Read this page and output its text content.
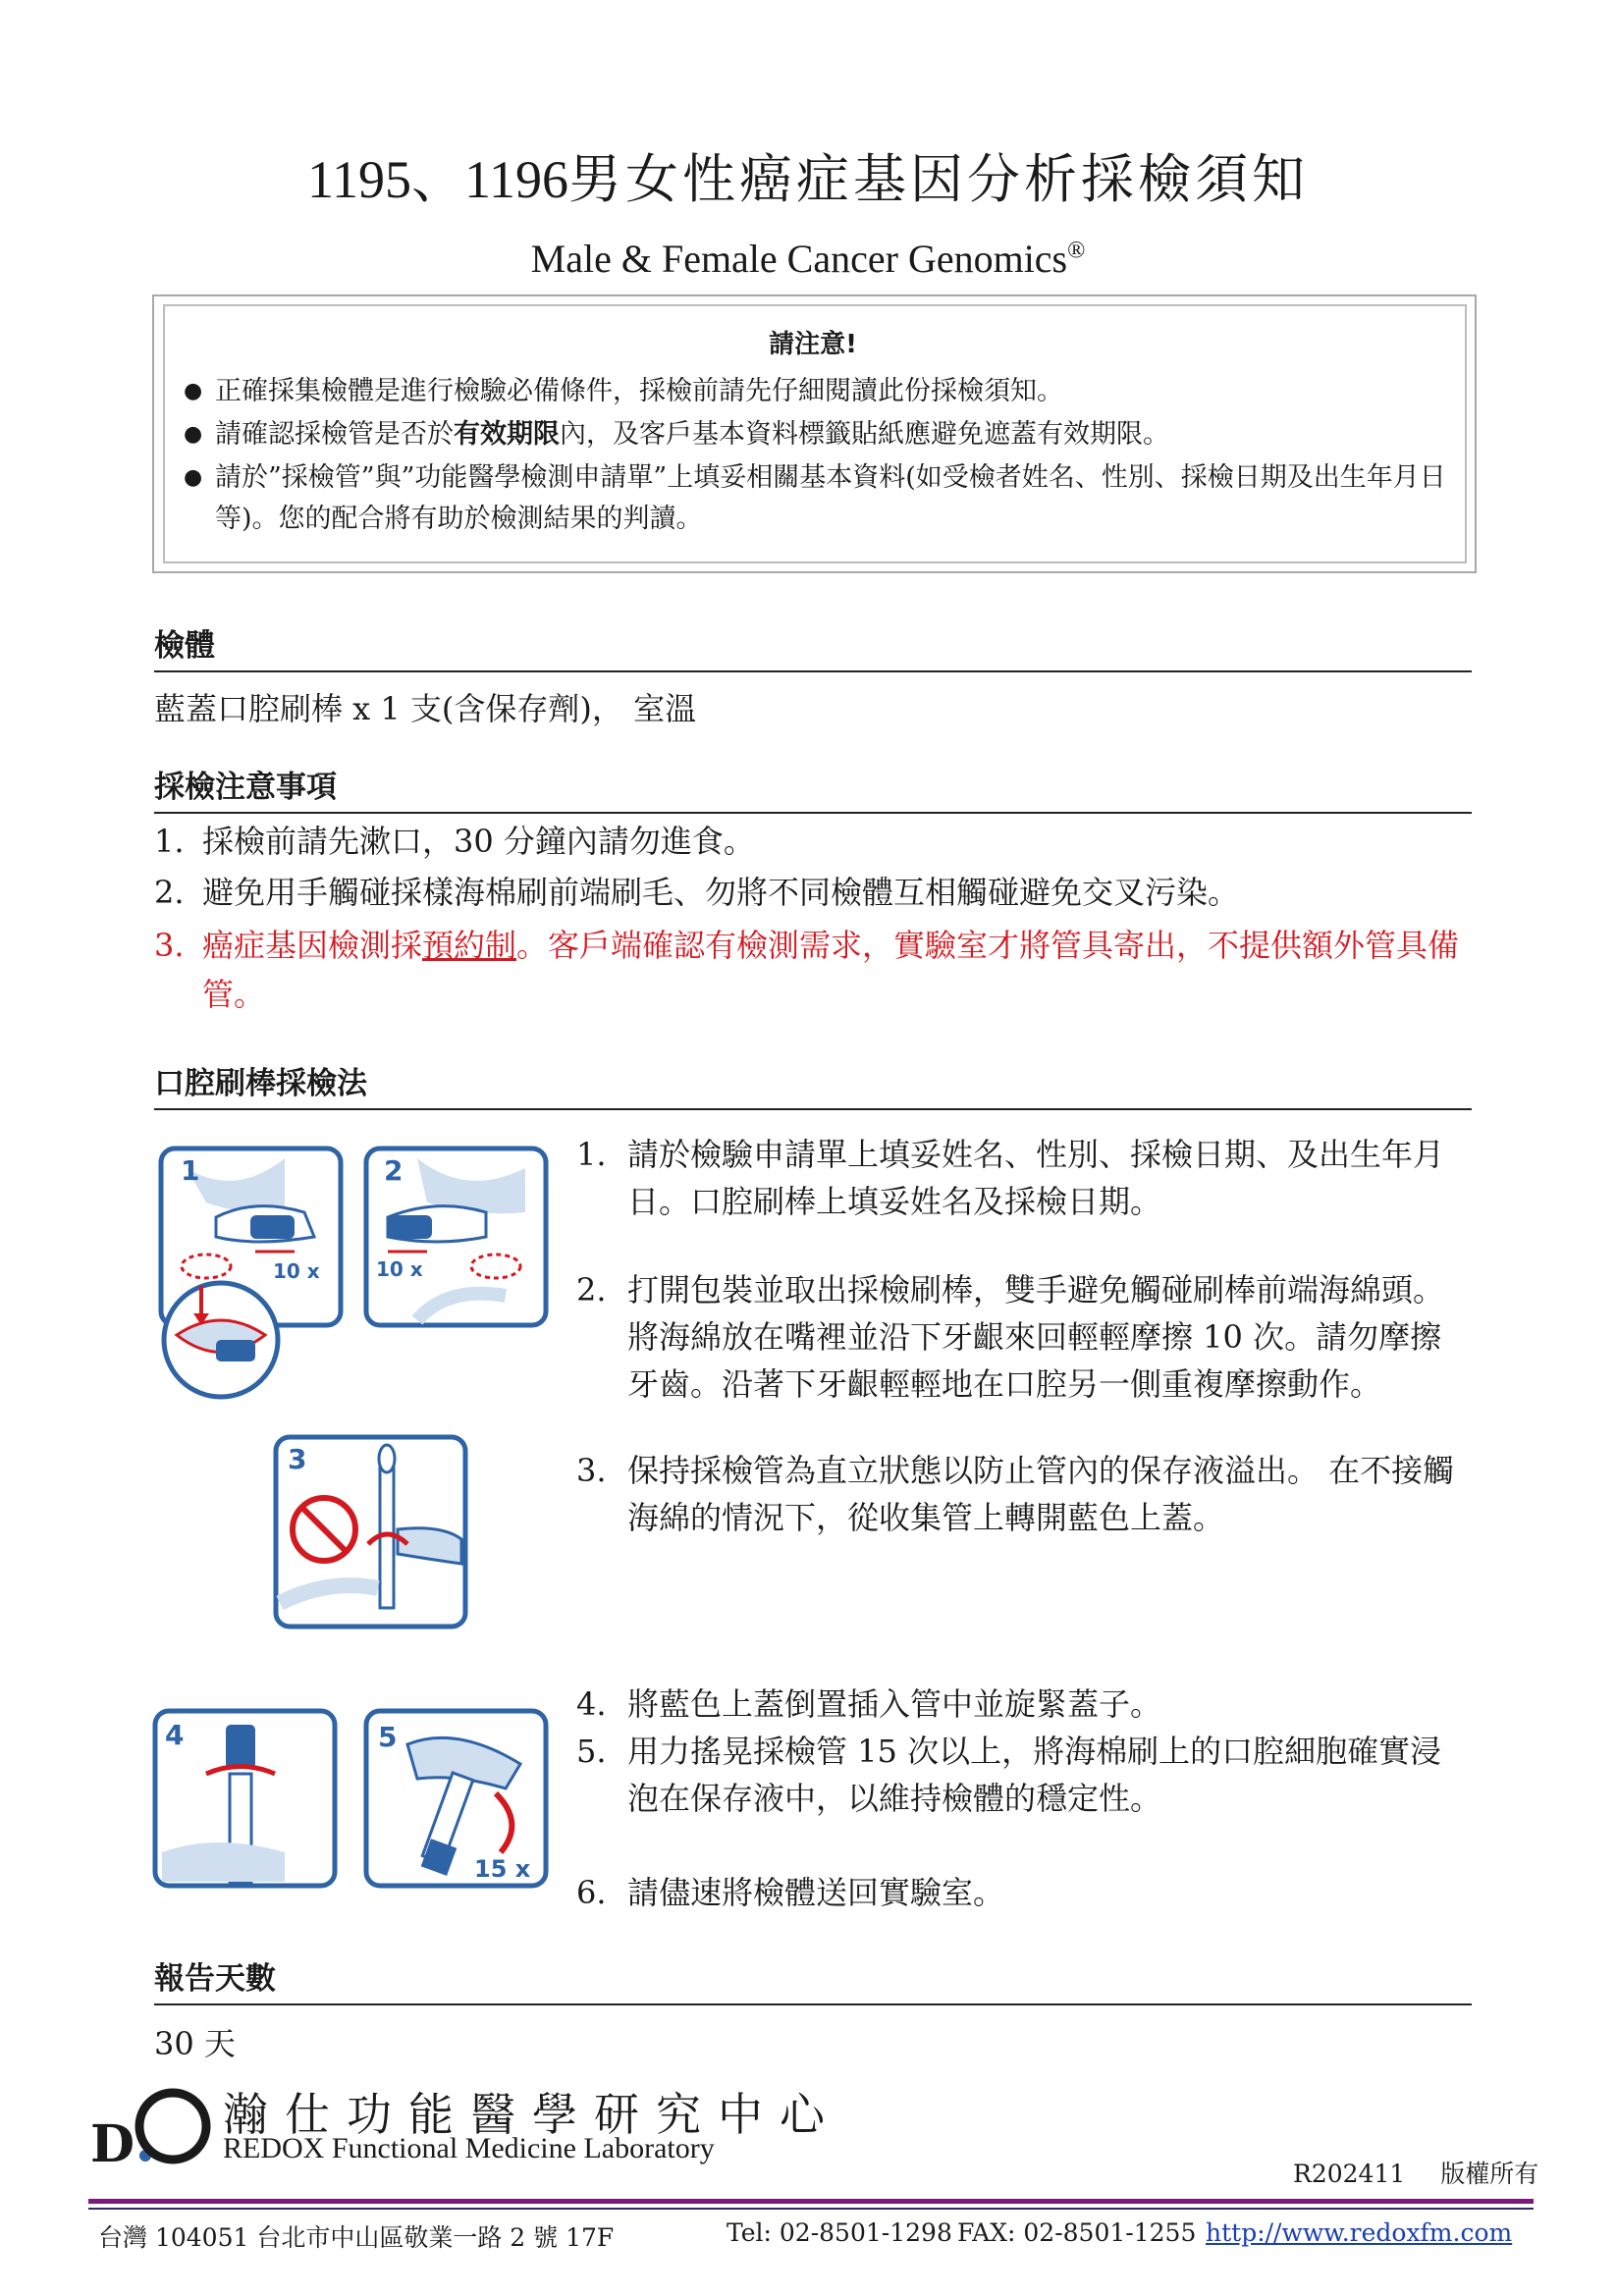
1195、1196男女性癌症基因分析採檢須知
Male & Female Cancer Genomics®
請注意!
● 正確採集檢體是進行檢驗必備條件，採檢前請先仔細閱讀此份採檢須知。
● 請確認採檢管是否於有效期限內，及客戶基本資料標籤貼紙應避免遮蓋有效期限。
● 請於”採檢管”與”功能醫學檢測申請單”上填妥相關基本資料(如受檢者姓名、性別、採檢日期及出生年月日等)。您的配合將有助於檢測結果的判讀。
檢體
藍蓋口腔刷棒 x 1 支(含保存劑)， 室溫
採檢注意事項
1. 採檢前請先漱口，30 分鐘內請勿進食。
2. 避免用手觸碰採樣海棉刷前端刷毛、勿將不同檢體互相觸碰避免交叉污染。
3. 癌症基因檢測採預約制。客戶端確認有檢測需求，實驗室才將管具寄出，不提供額外管具備管。
口腔刷棒採檢法
1
10 x
2
10 x
3
4	5
15 x
1. 請於檢驗申請單上填妥姓名、性別、採檢日期、及出生年月日。口腔刷棒上填妥姓名及採檢日期。
2. 打開包裝並取出採檢刷棒，雙手避免觸碰刷棒前端海綿頭。將海綿放在嘴裡並沿下牙齦來回輕輕摩擦 10 次。請勿摩擦牙齒。沿著下牙齦輕輕地在口腔另一側重複摩擦動作。
3. 保持採檢管為直立狀態以防止管內的保存液溢出。 在不接觸海綿的情況下，從收集管上轉開藍色上蓋。
4. 將藍色上蓋倒置插入管中並旋緊蓋子。
5. 用力搖晃採檢管 15 次以上，將海棉刷上的口腔細胞確實浸泡在保存液中，以維持檢體的穩定性。
6. 請儘速將檢體送回實驗室。
報告天數
30 天
D 瀚仕功能醫學研究中心
REDOX Functional Medicine Laboratory
R202411 版權所有
台灣 104051 台北市中山區敬業一路 2 號 17F	Tel: 02-8501-1298 FAX: 02-8501-1255 http://www.redoxfm.com
